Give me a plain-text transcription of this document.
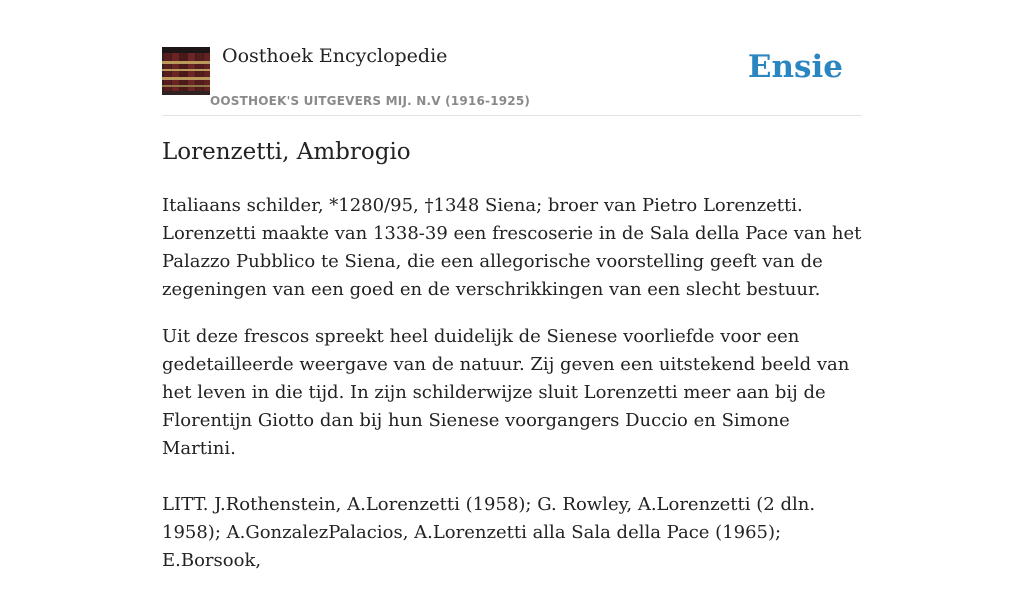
Oosthoek Encyclopedie
OOSTHOEK'S UITGEVERS MIJ. N.V (1916-1925)
Ensie
Lorenzetti, Ambrogio

Italiaans schilder, *1280/95, †1348 Siena; broer van Pietro Lorenzetti. Lorenzetti maakte van 1338-39 een frescoserie in de Sala della Pace van het Palazzo Pubblico te Siena, die een allegorische voorstelling geeft van de zegeningen van een goed en de verschrikkingen van een slecht bestuur.

Uit deze frescos spreekt heel duidelijk de Sienese voorliefde voor een gedetailleerde weergave van de natuur. Zij geven een uitstekend beeld van het leven in die tijd. In zijn schilderwijze sluit Lorenzetti meer aan bij de Florentijn Giotto dan bij hun Sienese voorgangers Duccio en Simone Martini.

LITT. J.Rothenstein, A.Lorenzetti (1958); G. Rowley, A.Lorenzetti (2 dln. 1958); A.GonzalezPalacios, A.Lorenzetti alla Sala della Pace (1965); E.Borsook,
